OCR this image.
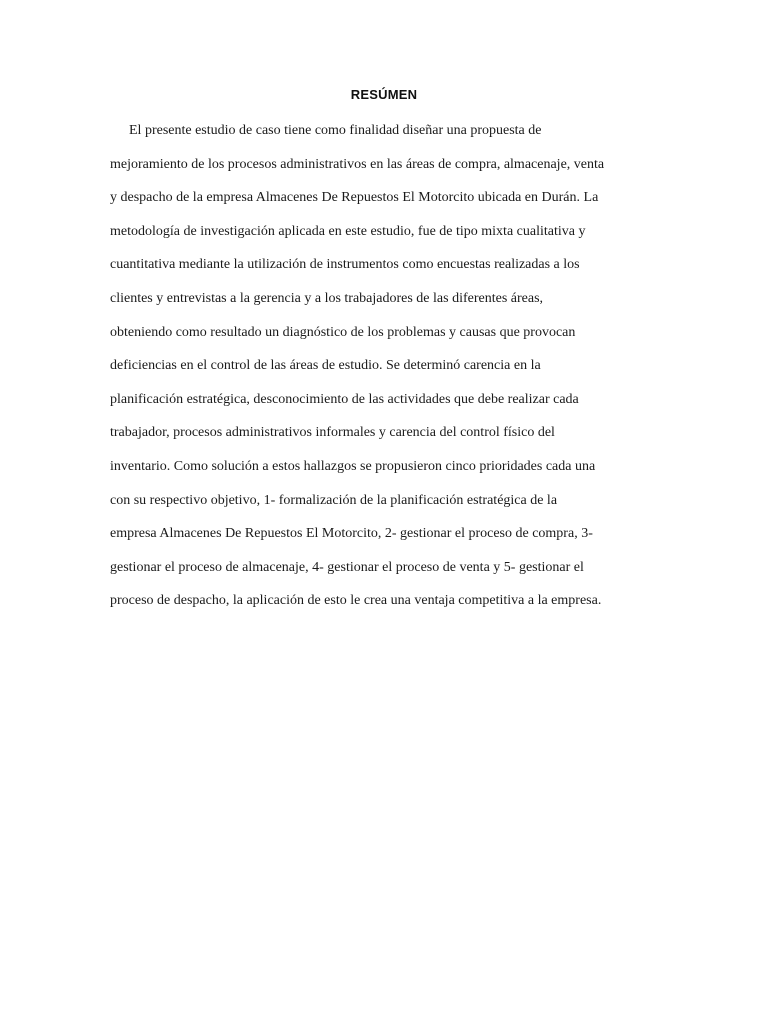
RESÚMEN

El presente estudio de caso tiene como finalidad diseñar una propuesta de
mejoramiento de los procesos administrativos en las áreas de compra, almacenaje, venta
y despacho de la empresa Almacenes De Repuestos El Motorcito ubicada en Durán. La
metodología de investigación aplicada en este estudio, fue de tipo mixta cualitativa y
cuantitativa mediante la utilización de instrumentos como encuestas realizadas a los
clientes y entrevistas a la gerencia y a los trabajadores de las diferentes áreas,
obteniendo como resultado un diagnóstico de los problemas y causas que provocan
deficiencias en el control de las áreas de estudio. Se determinó carencia en la
planificación estratégica, desconocimiento de las actividades que debe realizar cada
trabajador, procesos administrativos informales y carencia del control físico del
inventario. Como solución a estos hallazgos se propusieron cinco prioridades cada una
con su respectivo objetivo, 1- formalización de la planificación estratégica de la
empresa Almacenes De Repuestos El Motorcito, 2- gestionar el proceso de compra, 3-
gestionar el proceso de almacenaje, 4- gestionar el proceso de venta y 5- gestionar el
proceso de despacho, la aplicación de esto le crea una ventaja competitiva a la empresa.
